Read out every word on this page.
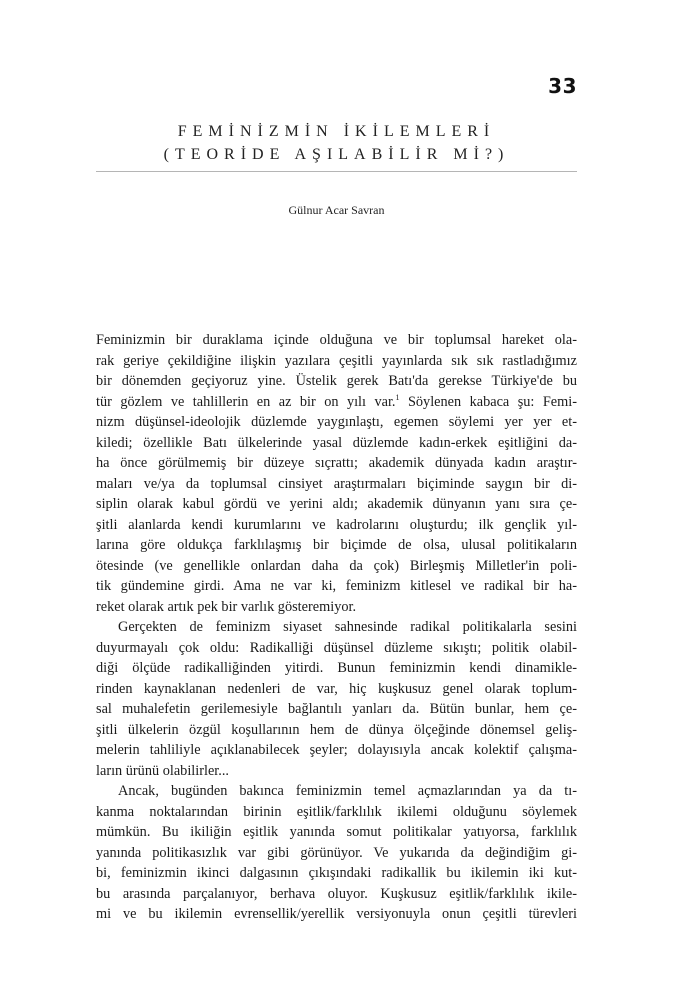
33
FEMİNİZMİN İKİLEMLERİ
(TEORİDE AŞILABİLİR Mİ?)
Gülnur Acar Savran
Feminizmin bir duraklama içinde olduğuna ve bir toplumsal hareket ola-
rak geriye çekildiğine ilişkin yazılara çeşitli yayınlarda sık sık rastladığımız
bir dönemden geçiyoruz yine. Üstelik gerek Batı'da gerekse Türkiye'de bu
tür gözlem ve tahlillerin en az bir on yılı var.$^1$ Söylenen kabaca şu: Femi-
nizm düşünsel-ideolojik düzlemde yaygınlaştı, egemen söylemi yer yer et-
kiledi; özellikle Batı ülkelerinde yasal düzlemde kadın-erkek eşitliğini da-
ha önce görülmemiş bir düzeye sıçrattı; akademik dünyada kadın araştır-
maları ve/ya da toplumsal cinsiyet araştırmaları biçiminde saygın bir di-
siplin olarak kabul gördü ve yerini aldı; akademik dünyanın yanı sıra çe-
şitli alanlarda kendi kurumlarını ve kadrolarını oluşturdu; ilk gençlik yıl-
larına göre oldukça farklılaşmış bir biçimde de olsa, ulusal politikaların
ötesinde (ve genellikle onlardan daha da çok) Birleşmiş Milletler'in poli-
tik gündemine girdi. Ama ne var ki, feminizm kitlesel ve radikal bir ha-
reket olarak artık pek bir varlık gösteremiyor.
Gerçekten de feminizm siyaset sahnesinde radikal politikalarla sesini
duyurmayalı çok oldu: Radikalliği düşünsel düzleme sıkıştı; politik olabil-
diği ölçüde radikalliğinden yitirdi. Bunun feminizmin kendi dinamikle-
rinden kaynaklanan nedenleri de var, hiç kuşkusuz genel olarak toplum-
sal muhalefetin gerilemesiyle bağlantılı yanları da. Bütün bunlar, hem çe-
şitli ülkelerin özgül koşullarının hem de dünya ölçeğinde dönemsel geliş-
melerin tahliliyle açıklanabilecek şeyler; dolayısıyla ancak kolektif çalışma-
ların ürünü olabilirler...
Ancak, bugünden bakınca feminizmin temel açmazlarından ya da tı-
kanma noktalarından birinin eşitlik/farklılık ikilemi olduğunu söylemek
mümkün. Bu ikiliğin eşitlik yanında somut politikalar yatıyorsa, farklılık
yanında politikasızlık var gibi görünüyor. Ve yukarıda da değindiğim gi-
bi, feminizmin ikinci dalgasının çıkışındaki radikallik bu ikilemin iki kut-
bu arasında parçalanıyor, berhava oluyor. Kuşkusuz eşitlik/farklılık ikile-
mi ve bu ikilemin evrensellik/yerellik versiyonuyla onun çeşitli türevleri
